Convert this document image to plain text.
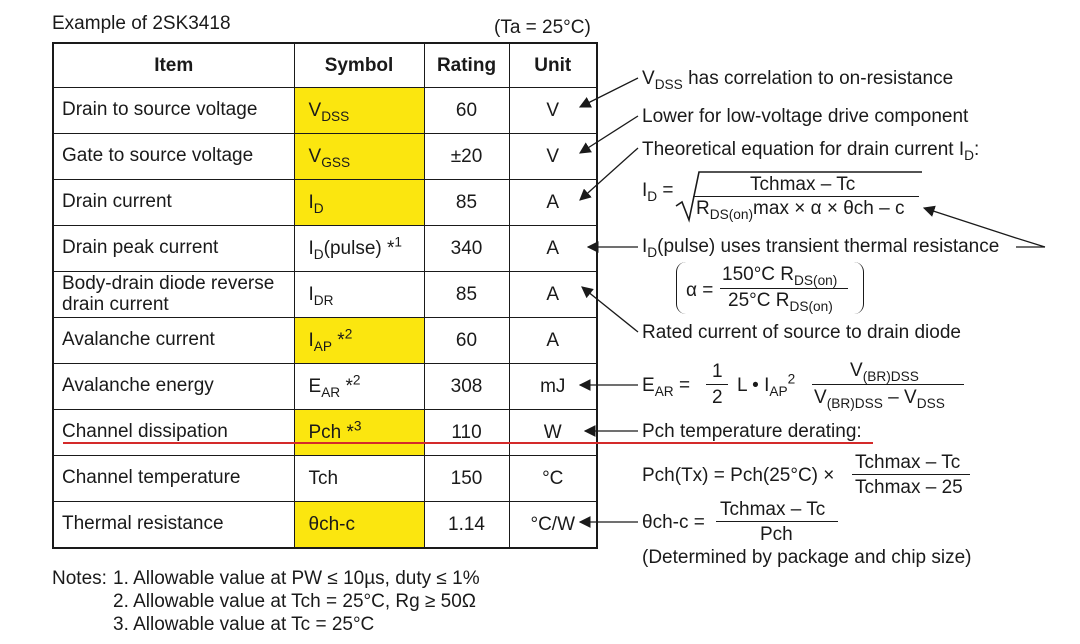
Example of 2SK3418	(Ta = 25°C)
Item	Symbol	Rating	Unit
Drain to source voltage	$V_{DSS}$	60	V
Gate to source voltage	$V_{GSS}$	±20	V
Drain current	$I_D$	85	A
Drain peak current	$I_D(pulse)$ *$^1$	340	A
Body-drain diode reverse drain current	$I_{DR}$	85	A
Avalanche current	$I_{AP}$ *$^2$	60	A
Avalanche energy	$E_{AR}$ *$^2$	308	mJ
Channel dissipation	Pch *$^3$	110	W
Channel temperature	Tch	150	°C
Thermal resistance	θch-c	1.14	°C/W
$V_{DSS}$ has correlation to on-resistance
Lower for low-voltage drive component
Theoretical equation for drain current $I_D$:
$I_D$ =	Tchmax – Tc
$R_{DS(on)}\max \times \alpha \times \theta ch - c$
$I_D(pulse)$ uses transient thermal resistance
α =
150°C $R_{DS(on)}$
25°C $R_{DS(on)}$
Rated current of source to drain diode
$E_{AR}$ =
1
2
L • $I_{AP}^2$	$V_{(BR)DSS}$
$V_{(BR)DSS} - V_{DSS}$
Pch temperature derating:
Pch(Tx) = Pch(25°C) ×
Tchmax – Tc
Tchmax – 25
θch-c =
Tchmax – Tc
Pch
(Determined by package and chip size)
Notes: 1. Allowable value at PW ≤ 10µs, duty ≤ 1%
2. Allowable value at Tch = 25°C, Rg ≥ 50Ω
3. Allowable value at Tc = 25°C
